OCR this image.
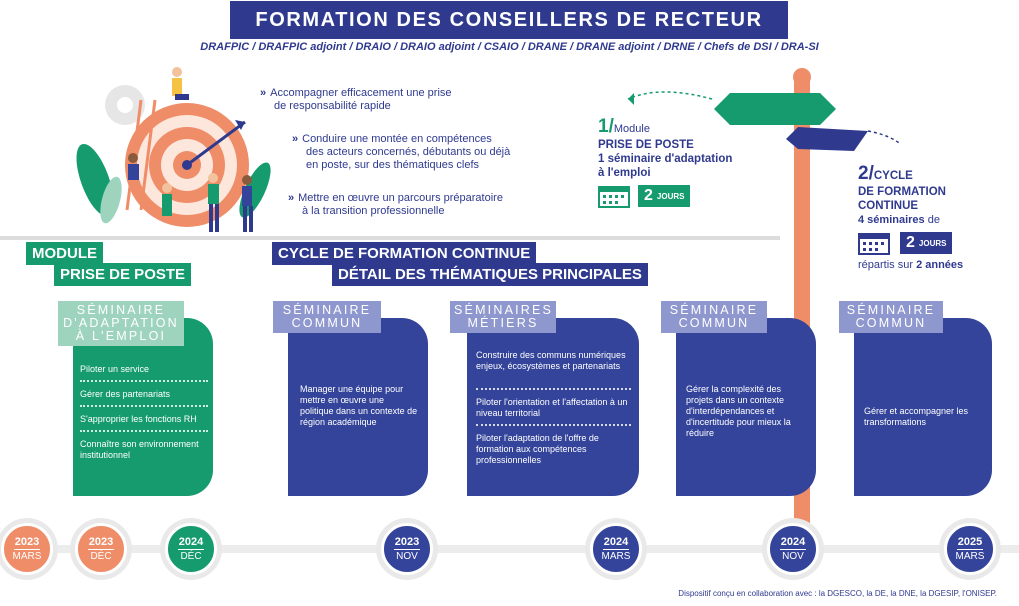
FORMATION DES CONSEILLERS DE RECTEUR
DRAFPIC / DRAFPIC adjoint / DRAIO / DRAIO adjoint / CSAIO / DRANE / DRANE adjoint / DRNE / Chefs de DSI / DRA-SI
» Accompagner efficacement une prise
de responsabilité rapide
» Conduire une montée en compétences
des acteurs concernés, débutants ou déjà
en poste, sur des thématiques clefs
» Mettre en œuvre un parcours préparatoire
à la transition professionnelle
1/Module
PRISE DE POSTE
1 séminaire d'adaptation
à l'emploi
2 JOURS
2/CYCLE
DE FORMATION
CONTINUE
4 séminaires de
2 JOURS
répartis sur 2 années
MODULE
PRISE DE POSTE
CYCLE DE FORMATION CONTINUE
DÉTAIL DES THÉMATIQUES PRINCIPALES
Piloter un service
Gérer des partenariats
S'approprier les fonctions RH
Connaître son environnement institutionnel
SÉMINAIRE
D'ADAPTATION
À L'EMPLOI
Manager une équipe pour mettre en œuvre une politique dans un contexte de région académique
SÉMINAIRE
COMMUN
Construire des communs numériques enjeux, écosystèmes et partenariats
Piloter l'orientation et l'affectation à un niveau territorial
Piloter l'adaptation de l'offre de formation aux compétences professionnelles
SÉMINAIRES
MÉTIERS
Gérer la complexité des projets dans un contexte d'interdépendances et d'incertitude pour mieux la réduire
SÉMINAIRE
COMMUN
Gérer et accompagner les transformations
SÉMINAIRE
COMMUN
2023
MARS
2023
DÉC
2024
DÉC
2023
NOV
2024
MARS
2024
NOV
2025
MARS
Dispositif conçu en collaboration avec : la DGESCO, la DE, la DNE, la DGESIP, l'ONISEP.
